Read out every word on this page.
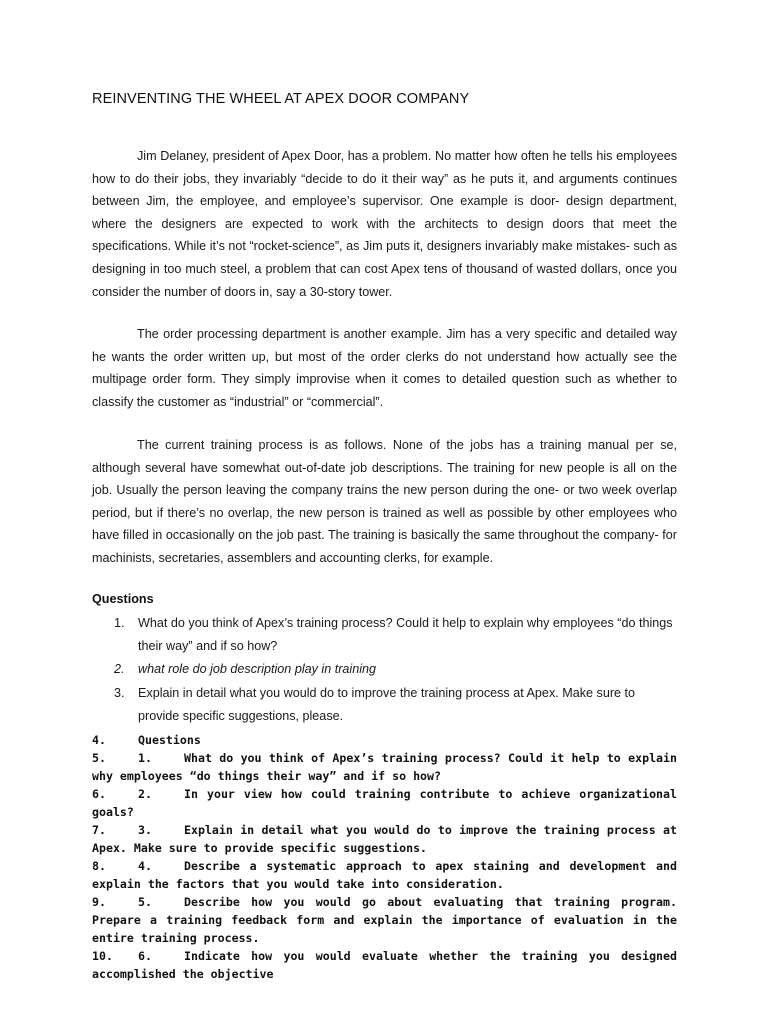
REINVENTING THE WHEEL AT APEX DOOR COMPANY

Jim Delaney, president of Apex Door, has a problem. No matter how often he tells his employees how to do their jobs, they invariably “decide to do it their way” as he puts it, and arguments continues between Jim, the employee, and employee’s supervisor. One example is door- design department, where the designers are expected to work with the architects to design doors that meet the specifications. While it’s not “rocket-science”, as Jim puts it, designers invariably make mistakes- such as designing in too much steel, a problem that can cost Apex tens of thousand of wasted dollars, once you consider the number of doors in, say a 30-story tower.

The order processing department is another example. Jim has a very specific and detailed way he wants the order written up, but most of the order clerks do not understand how actually see the multipage order form. They simply improvise when it comes to detailed question such as whether to classify the customer as “industrial” or “commercial”.

The current training process is as follows. None of the jobs has a training manual per se, although several have somewhat out-of-date job descriptions. The training for new people is all on the job. Usually the person leaving the company trains the new person during the one- or two week overlap period, but if there’s no overlap, the new person is trained as well as possible by other employees who have filled in occasionally on the job past. The training is basically the same throughout the company- for machinists, secretaries, assemblers and accounting clerks, for example.

Questions
1. What do you think of Apex’s training process? Could it help to explain why employees “do things their way” and if so how?
2. what role do job description play in training
3. Explain in detail what you would do to improve the training process at Apex. Make sure to provide specific suggestions, please.
4.	Questions
5.	1.	What do you think of Apex’s training process? Could it help to explain why employees “do things their way” and if so how?
6.	2.	In your view how could training contribute to achieve organizational goals?
7.	3.	Explain in detail what you would do to improve the training process at Apex. Make sure to provide specific suggestions.
8.	4.	Describe a systematic approach to apex staining and development and explain the factors that you would take into consideration.
9.	5.	Describe how you would go about evaluating that training program. Prepare a training feedback form and explain the importance of evaluation in the entire training process.
10. 6.	Indicate how you would evaluate whether the training you designed accomplished the objective
